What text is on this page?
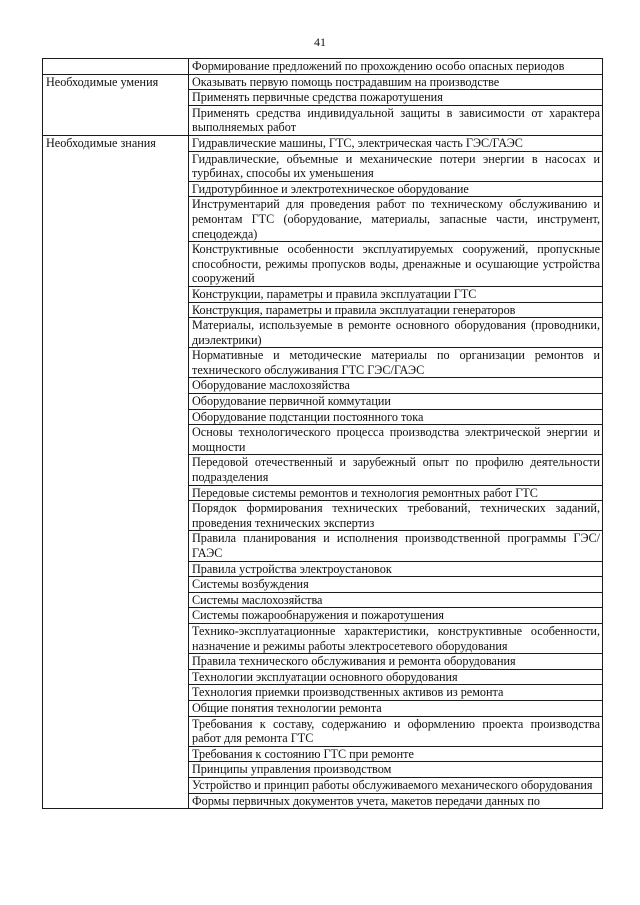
41
	Формирование предложений по прохождению особо опасных периодов
Необходимые умения	Оказывать первую помощь пострадавшим на производстве
	Применять первичные средства пожаротушения
	Применять средства индивидуальной защиты в зависимости от характера выполняемых работ
Необходимые знания	Гидравлические машины, ГТС, электрическая часть ГЭС/ГАЭС
	Гидравлические, объемные и механические потери энергии в насосах и турбинах, способы их уменьшения
	Гидротурбинное и электротехническое оборудование
	Инструментарий для проведения работ по техническому обслуживанию и ремонтам ГТС (оборудование, материалы, запасные части, инструмент, спецодежда)
	Конструктивные особенности эксплуатируемых сооружений, пропускные способности, режимы пропусков воды, дренажные и осушающие устройства сооружений
	Конструкции, параметры и правила эксплуатации ГТС
	Конструкция, параметры и правила эксплуатации генераторов
	Материалы, используемые в ремонте основного оборудования (проводники, диэлектрики)
	Нормативные и методические материалы по организации ремонтов и технического обслуживания ГТС ГЭС/ГАЭС
	Оборудование маслохозяйства
	Оборудование первичной коммутации
	Оборудование подстанции постоянного тока
	Основы технологического процесса производства электрической энергии и мощности
	Передовой отечественный и зарубежный опыт по профилю деятельности подразделения
	Передовые системы ремонтов и технология ремонтных работ ГТС
	Порядок формирования технических требований, технических заданий, проведения технических экспертиз
	Правила планирования и исполнения производственной программы ГЭС/ГАЭС
	Правила устройства электроустановок
	Системы возбуждения
	Системы маслохозяйства
	Системы пожарообнаружения и пожаротушения
	Технико-эксплуатационные характеристики, конструктивные особенности, назначение и режимы работы электросетевого оборудования
	Правила технического обслуживания и ремонта оборудования
	Технологии эксплуатации основного оборудования
	Технология приемки производственных активов из ремонта
	Общие понятия технологии ремонта
	Требования к составу, содержанию и оформлению проекта производства работ для ремонта ГТС
	Требования к состоянию ГТС при ремонте
	Принципы управления производством
	Устройство и принцип работы обслуживаемого механического оборудования
	Формы первичных документов учета, макетов передачи данных по
